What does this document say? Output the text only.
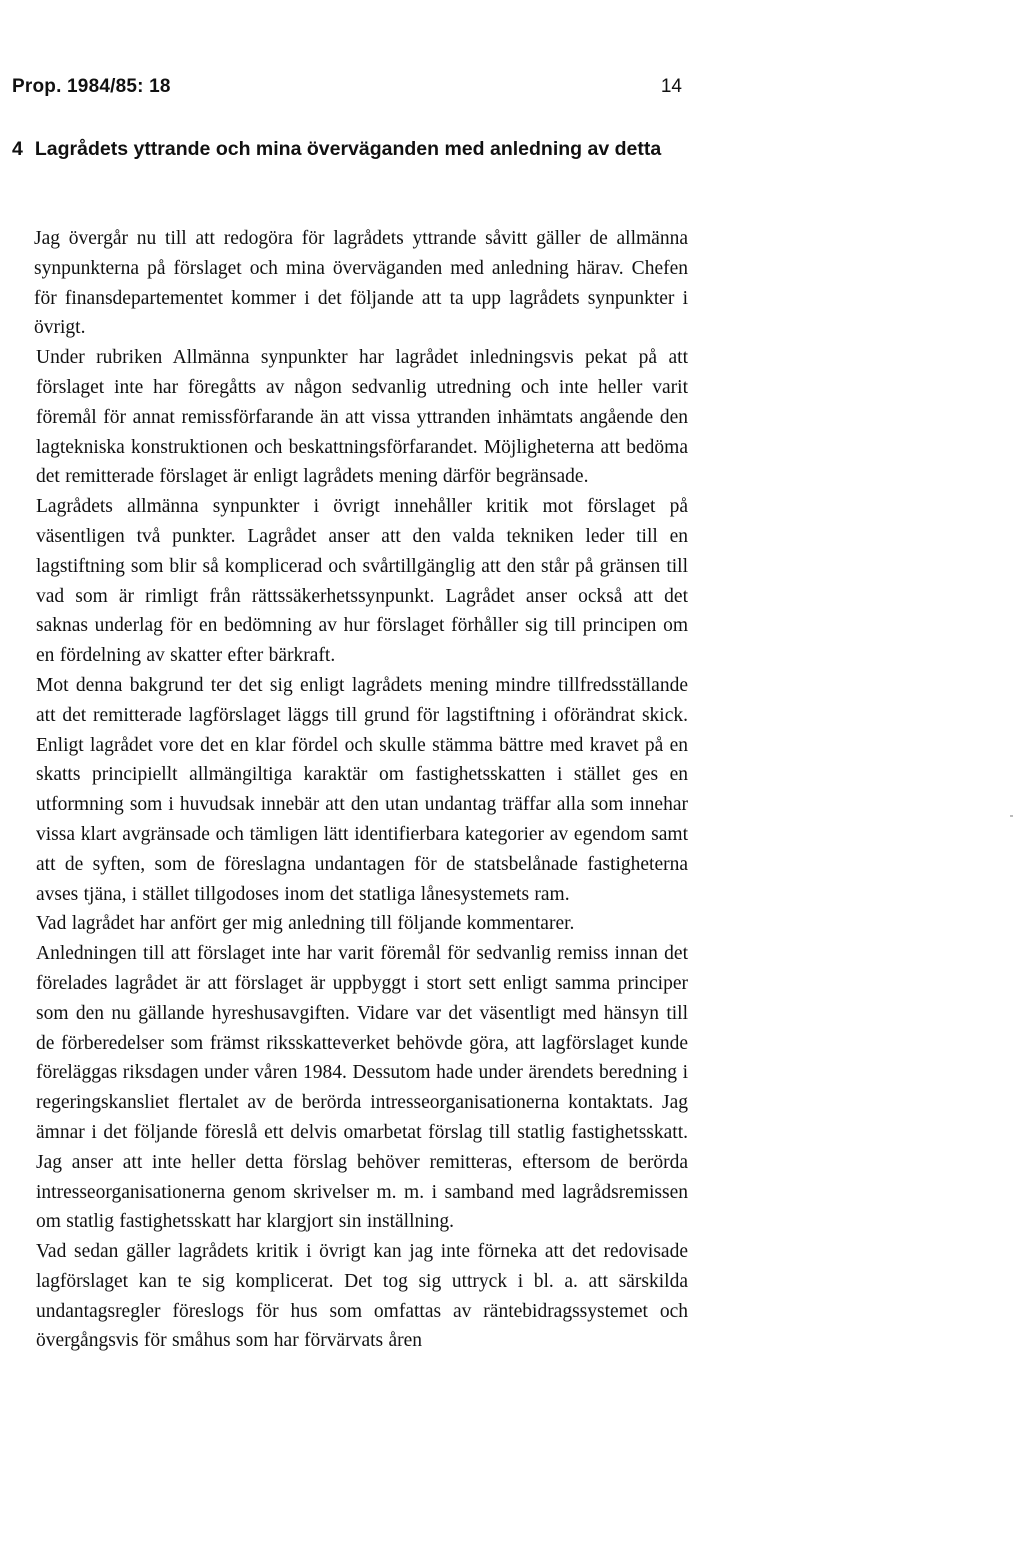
Prop. 1984/85: 18	14
4 Lagrådets yttrande och mina överväganden med anledning av detta

Jag övergår nu till att redogöra för lagrådets yttrande såvitt gäller de allmänna synpunkterna på förslaget och mina överväganden med anledning härav. Chefen för finansdepartementet kommer i det följande att ta upp lagrådets synpunkter i övrigt.

Under rubriken Allmänna synpunkter har lagrådet inledningsvis pekat på att förslaget inte har föregåtts av någon sedvanlig utredning och inte heller varit föremål för annat remissförfarande än att vissa yttranden inhämtats angående den lagtekniska konstruktionen och beskattningsförfarandet. Möjligheterna att bedöma det remitterade förslaget är enligt lagrådets mening därför begränsade.

Lagrådets allmänna synpunkter i övrigt innehåller kritik mot förslaget på väsentligen två punkter. Lagrådet anser att den valda tekniken leder till en lagstiftning som blir så komplicerad och svårtillgänglig att den står på gränsen till vad som är rimligt från rättssäkerhetssynpunkt. Lagrådet anser också att det saknas underlag för en bedömning av hur förslaget förhåller sig till principen om en fördelning av skatter efter bärkraft.

Mot denna bakgrund ter det sig enligt lagrådets mening mindre tillfredsställande att det remitterade lagförslaget läggs till grund för lagstiftning i oförändrat skick. Enligt lagrådet vore det en klar fördel och skulle stämma bättre med kravet på en skatts principiellt allmängiltiga karaktär om fastighetsskatten i stället ges en utformning som i huvudsak innebär att den utan undantag träffar alla som innehar vissa klart avgränsade och tämligen lätt identifierbara kategorier av egendom samt att de syften, som de föreslagna undantagen för de statsbelånade fastigheterna avses tjäna, i stället tillgodoses inom det statliga lånesystemets ram.

Vad lagrådet har anfört ger mig anledning till följande kommentarer.

Anledningen till att förslaget inte har varit föremål för sedvanlig remiss innan det förelades lagrådet är att förslaget är uppbyggt i stort sett enligt samma principer som den nu gällande hyreshusavgiften. Vidare var det väsentligt med hänsyn till de förberedelser som främst riksskatteverket behövde göra, att lagförslaget kunde föreläggas riksdagen under våren 1984. Dessutom hade under ärendets beredning i regeringskansliet flertalet av de berörda intresseorganisationerna kontaktats. Jag ämnar i det följande föreslå ett delvis omarbetat förslag till statlig fastighetsskatt. Jag anser att inte heller detta förslag behöver remitteras, eftersom de berörda intresseorganisationerna genom skrivelser m. m. i samband med lagrådsremissen om statlig fastighetsskatt har klargjort sin inställning.

Vad sedan gäller lagrådets kritik i övrigt kan jag inte förneka att det redovisade lagförslaget kan te sig komplicerat. Det tog sig uttryck i bl. a. att särskilda undantagsregler föreslogs för hus som omfattas av räntebidragssystemet och övergångsvis för småhus som har förvärvats åren
